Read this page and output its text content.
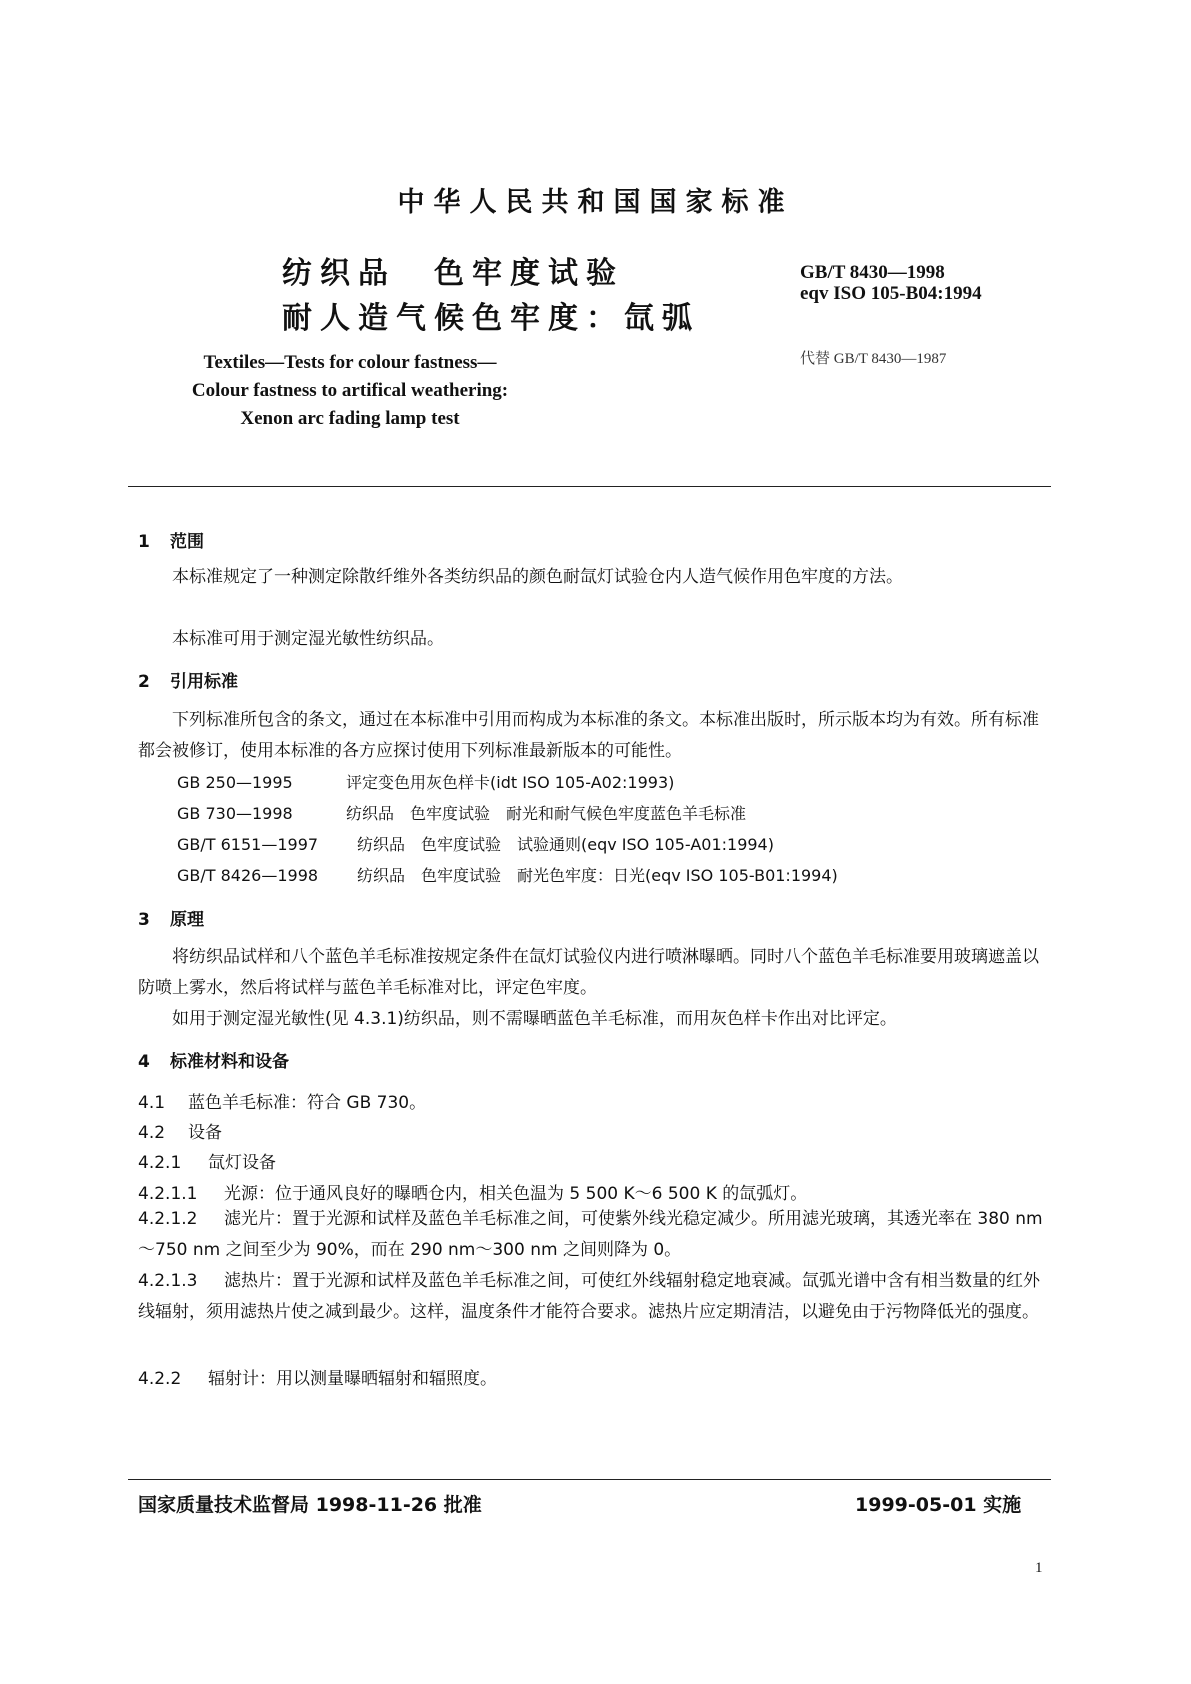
中华人民共和国国家标准
纺织品　色牢度试验
耐人造气候色牢度：氙弧
GB/T 8430—1998
eqv ISO 105-B04:1994
代替 GB/T 8430—1987
Textiles—Tests for colour fastness—
Colour fastness to artifical weathering:
Xenon arc fading lamp test
1 范围
本标准规定了一种测定除散纤维外各类纺织品的颜色耐氙灯试验仓内人造气候作用色牢度的方法。
本标准可用于测定湿光敏性纺织品。
2 引用标准
下列标准所包含的条文，通过在本标准中引用而构成为本标准的条文。本标准出版时，所示版本均为有效。所有标准都会被修订，使用本标准的各方应探讨使用下列标准最新版本的可能性。
GB 250—1995	评定变色用灰色样卡(idt ISO 105-A02:1993)
GB 730—1998	纺织品　色牢度试验　耐光和耐气候色牢度蓝色羊毛标准
GB/T 6151—1997 纺织品　色牢度试验　试验通则(eqv ISO 105-A01:1994)
GB/T 8426—1998 纺织品　色牢度试验　耐光色牢度：日光(eqv ISO 105-B01:1994)
3 原理
将纺织品试样和八个蓝色羊毛标准按规定条件在氙灯试验仪内进行喷淋曝晒。同时八个蓝色羊毛标准要用玻璃遮盖以防喷上雾水，然后将试样与蓝色羊毛标准对比，评定色牢度。
如用于测定湿光敏性(见 4.3.1)纺织品，则不需曝晒蓝色羊毛标准，而用灰色样卡作出对比评定。
4 标准材料和设备
4.1 蓝色羊毛标准：符合 GB 730。
4.2 设备
4.2.1 氙灯设备
4.2.1.1 光源：位于通风良好的曝晒仓内，相关色温为 5 500 K～6 500 K 的氙弧灯。
4.2.1.2 滤光片：置于光源和试样及蓝色羊毛标准之间，可使紫外线光稳定减少。所用滤光玻璃，其透光率在 380 nm～750 nm 之间至少为 90%，而在 290 nm～300 nm 之间则降为 0。
4.2.1.3 滤热片：置于光源和试样及蓝色羊毛标准之间，可使红外线辐射稳定地衰减。氙弧光谱中含有相当数量的红外线辐射，须用滤热片使之减到最少。这样，温度条件才能符合要求。滤热片应定期清洁，以避免由于污物降低光的强度。
4.2.2 辐射计：用以测量曝晒辐射和辐照度。
国家质量技术监督局 1998-11-26 批准	1999-05-01 实施
1
